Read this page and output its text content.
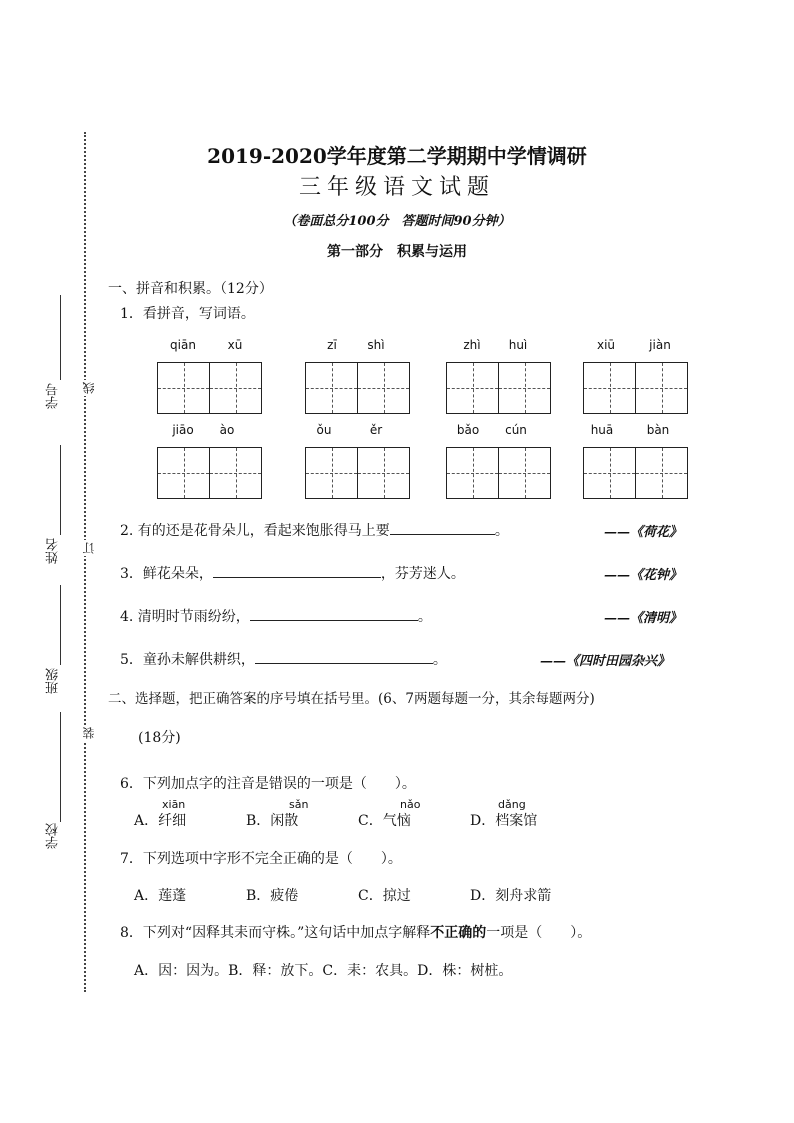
学号
姓名
班级
学校
线
订
装
2019-2020学年度第二学期期中学情调研
三年级语文试题
（卷面总分100分　答题时间90分钟）
第一部分　积累与运用
一、拼音和积累。（12分）
1．看拼音，写词语。
qiān	xū	zī	shì	zhì	huì	xiū	jiàn
jiāo	ào	ǒu	ěr	bǎo	cún	huā	bàn
2. 有的还是花骨朵儿，看起来饱胀得马上要	。	——《荷花》
3．鲜花朵朵，	，芬芳迷人。	——《花钟》
4. 清明时节雨纷纷，	。	——《清明》
5．童孙未解供耕织，	。	——《四时田园杂兴》
二、选择题，把正确答案的序号填在括号里。(6、7两题每题一分，其余每题两分)
(18分)
6．下列加点字的注音是错误的一项是（　　）。
xiān	sǎn	nǎo	dǎng
A．纤细	B．闲散	C．气恼	D．档案馆
7．下列选项中字形不完全正确的是（　　）。
A．莲蓬	B．疲倦	C．掠过	D．刻舟求箭
8．下列对“因释其耒而守株。”这句话中加点字解释不正确的一项是（　　）。
A．因：因为。B．释：放下。C．耒：农具。D．株：树桩。
